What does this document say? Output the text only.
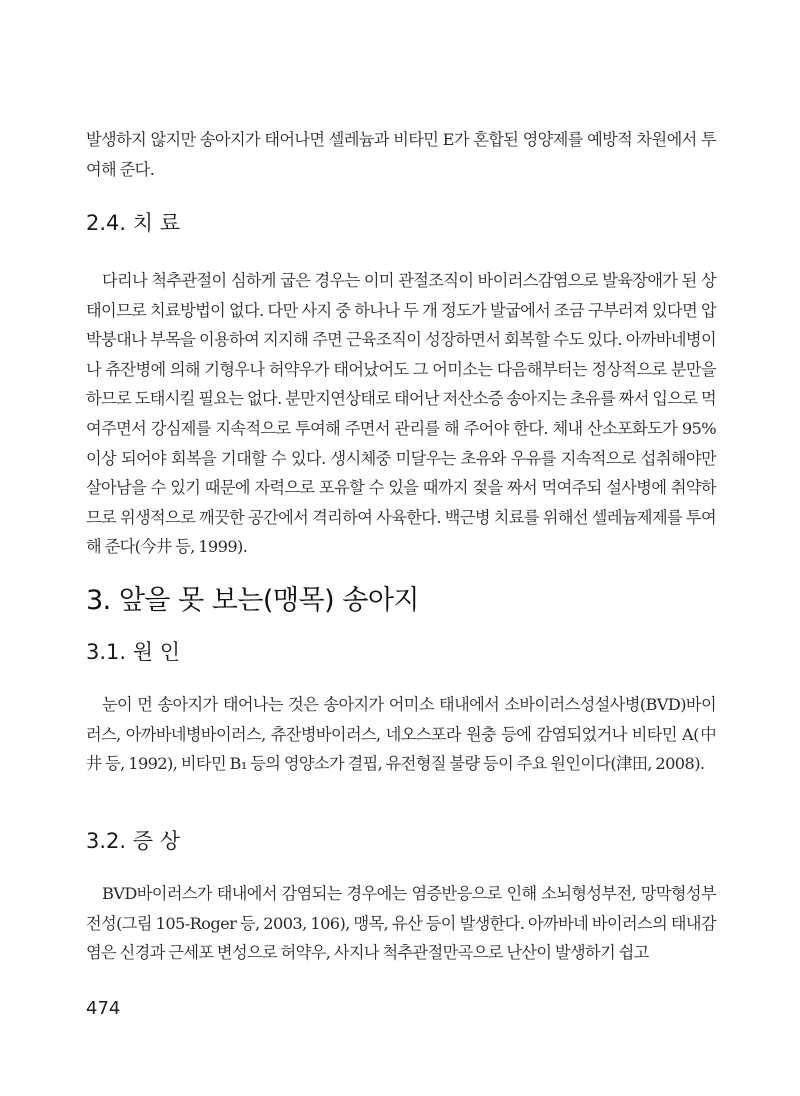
발생하지 않지만 송아지가 태어나면 셀레늄과 비타민 E가 혼합된 영양제를 예방적 차원에서 투여해 준다.

2.4. 치 료

다리나 척추관절이 심하게 굽은 경우는 이미 관절조직이 바이러스감염으로 발육장애가 된 상태이므로 치료방법이 없다. 다만 사지 중 하나나 두 개 정도가 발굽에서 조금 구부러져 있다면 압박붕대나 부목을 이용하여 지지해 주면 근육조직이 성장하면서 회복할 수도 있다. 아까바네병이나 츄잔병에 의해 기형우나 허약우가 태어났어도 그 어미소는 다음해부터는 정상적으로 분만을 하므로 도태시킬 필요는 없다. 분만지연상태로 태어난 저산소증 송아지는 초유를 짜서 입으로 먹여주면서 강심제를 지속적으로 투여해 주면서 관리를 해 주어야 한다. 체내 산소포화도가 95% 이상 되어야 회복을 기대할 수 있다. 생시체중 미달우는 초유와 우유를 지속적으로 섭취해야만 살아남을 수 있기 때문에 자력으로 포유할 수 있을 때까지 젖을 짜서 먹여주되 설사병에 취약하므로 위생적으로 깨끗한 공간에서 격리하여 사육한다. 백근병 치료를 위해선 셀레늄제제를 투여해 준다(今井 등, 1999).

3. 앞을 못 보는(맹목) 송아지
3.1. 원 인

눈이 먼 송아지가 태어나는 것은 송아지가 어미소 태내에서 소바이러스성설사병(BVD)바이러스, 아까바네병바이러스, 츄잔병바이러스, 네오스포라 원충 등에 감염되었거나 비타민 A(中井 등, 1992), 비타민 B₁ 등의 영양소가 결핍, 유전형질 불량 등이 주요 원인이다(津田, 2008).

3.2. 증 상

BVD바이러스가 태내에서 감염되는 경우에는 염증반응으로 인해 소뇌형성부전, 망막형성부전성(그림 105-Roger 등, 2003, 106), 맹목, 유산 등이 발생한다. 아까바네 바이러스의 태내감염은 신경과 근세포 변성으로 허약우, 사지나 척추관절만곡으로 난산이 발생하기 쉽고

474
